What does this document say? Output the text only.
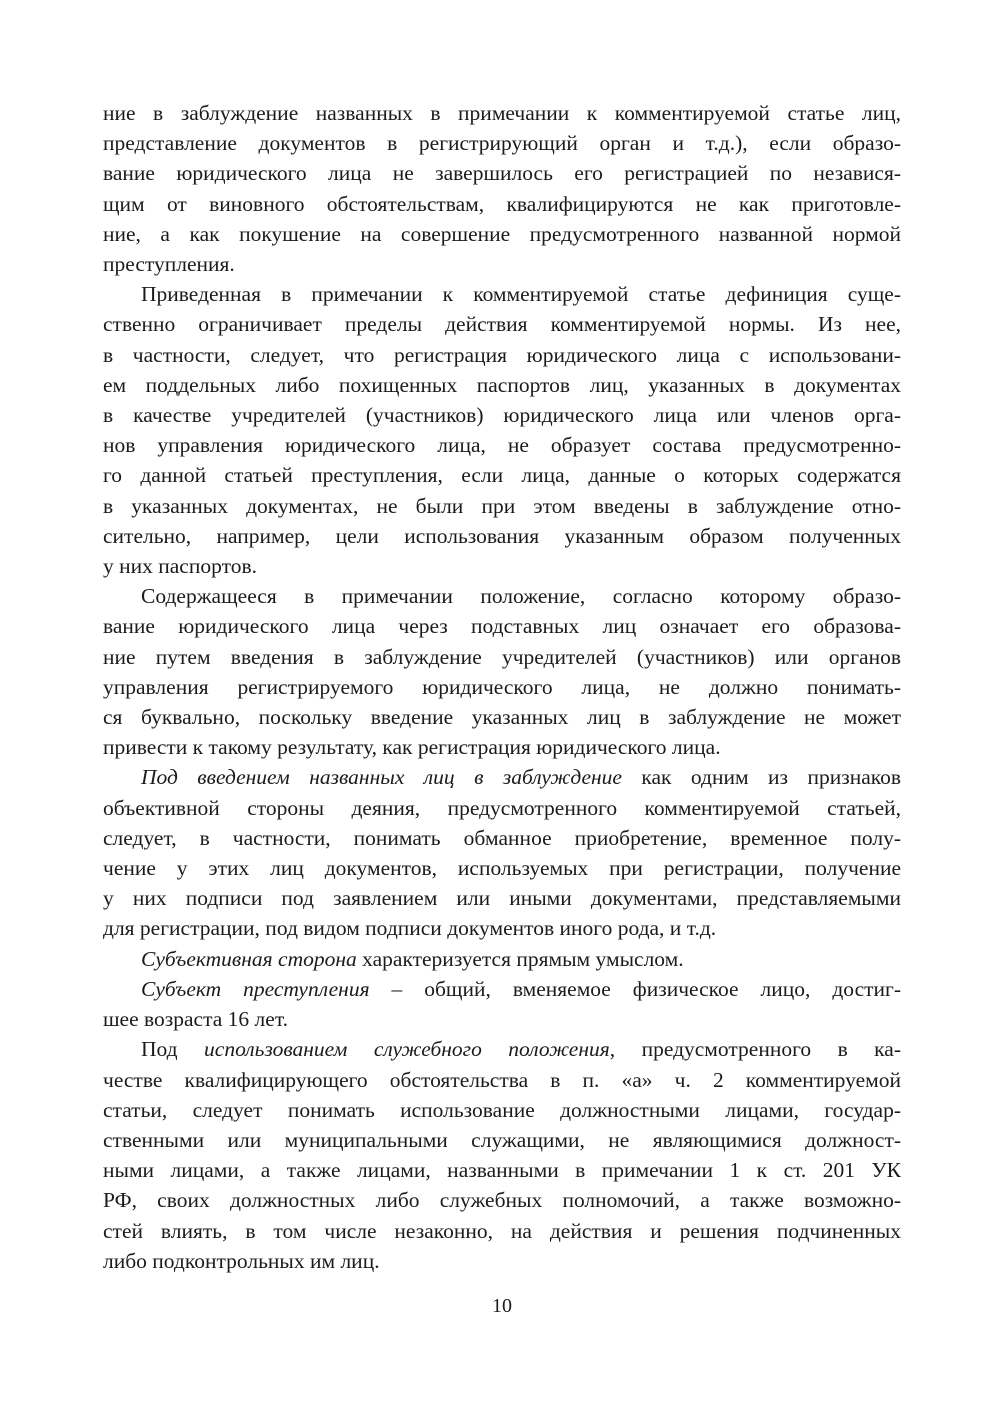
ние в заблуждение названных в примечании к комментируемой статье лиц,
представление документов в регистрирующий орган и т.д.), если образо-
вание юридического лица не завершилось его регистрацией по независя-
щим от виновного обстоятельствам, квалифицируются не как приготовле-
ние, а как покушение на совершение предусмотренного названной нормой
преступления.
Приведенная в примечании к комментируемой статье дефиниция суще-
ственно ограничивает пределы действия комментируемой нормы. Из нее,
в частности, следует, что регистрация юридического лица с использовани-
ем поддельных либо похищенных паспортов лиц, указанных в документах
в качестве учредителей (участников) юридического лица или членов орга-
нов управления юридического лица, не образует состава предусмотренно-
го данной статьей преступления, если лица, данные о которых содержатся
в указанных документах, не были при этом введены в заблуждение отно-
сительно, например, цели использования указанным образом полученных
у них паспортов.
Содержащееся в примечании положение, согласно которому образо-
вание юридического лица через подставных лиц означает его образова-
ние путем введения в заблуждение учредителей (участников) или органов
управления регистрируемого юридического лица, не должно понимать-
ся буквально, поскольку введение указанных лиц в заблуждение не может
привести к такому результату, как регистрация юридического лица.
Под введением названных лиц в заблуждение как одним из признаков
объективной стороны деяния, предусмотренного комментируемой статьей,
следует, в частности, понимать обманное приобретение, временное полу-
чение у этих лиц документов, используемых при регистрации, получение
у них подписи под заявлением или иными документами, представляемыми
для регистрации, под видом подписи документов иного рода, и т.д.
Субъективная сторона характеризуется прямым умыслом.
Субъект преступления – общий, вменяемое физическое лицо, достиг-
шее возраста 16 лет.
Под использованием служебного положения, предусмотренного в ка-
честве квалифицирующего обстоятельства в п. «а» ч. 2 комментируемой
статьи, следует понимать использование должностными лицами, государ-
ственными или муниципальными служащими, не являющимися должност-
ными лицами, а также лицами, названными в примечании 1 к ст. 201 УК
РФ, своих должностных либо служебных полномочий, а также возможно-
стей влиять, в том числе незаконно, на действия и решения подчиненных
либо подконтрольных им лиц.
10
